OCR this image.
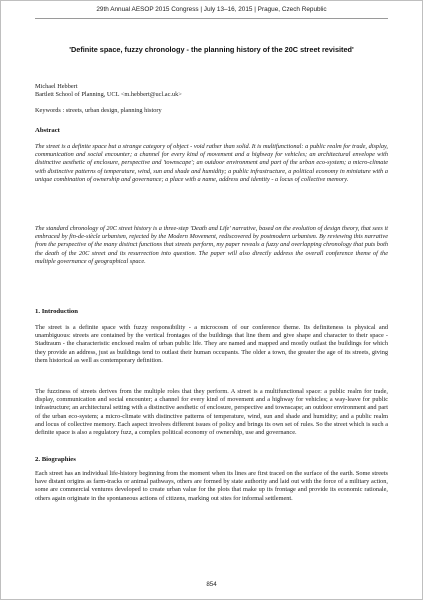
29th Annual AESOP 2015 Congress | July 13–16, 2015 | Prague, Czech Republic
'Definite space, fuzzy chronology - the planning history of the 20C street revisited'
Michael Hebbert
Bartlett School of Planning, UCL <m.hebbert@ucl.ac.uk>
Keywords : streets, urban design, planning history
Abstract
The street is a definite space but a strange category of object - void rather than solid. It is multifunctional: a public realm for trade, display, communication and social encounter; a channel for every kind of movement and a highway for vehicles; an architectural envelope with distinctive aesthetic of enclosure, perspective and 'townscape'; an outdoor environment and part of the urban eco-system; a micro-climate with distinctive patterns of temperature, wind, sun and shade and humidity; a public infrastructure, a political economy in miniature with a unique combination of ownership and governance; a place with a name, address and identity - a locus of collective memory.
The standard chronology of 20C street history is a three-step 'Death and Life' narrative, based on the evolution of design theory, that sees it embraced by fin-de-siècle urbanism, rejected by the Modern Movement, rediscovered by postmodern urbanism. By reviewing this narrative from the perspective of the many distinct functions that streets perform, my paper reveals a fuzzy and overlapping chronology that puts both the death of the 20C street and its resurrection into question. The paper will also directly address the overall conference theme of the multiple governance of geographical space.
1. Introduction
The street is a definite space with fuzzy responsibility - a microcosm of our conference theme. Its definiteness is physical and unambiguous: streets are contained by the vertical frontages of the buildings that line them and give shape and character to their space - Stadtraum - the characteristic enclosed realm of urban public life. They are named and mapped and mostly outlast the buildings for which they provide an address, just as buildings tend to outlast their human occupants. The older a town, the greater the age of its streets, giving them historical as well as contemporary definition.
The fuzziness of streets derives from the multiple roles that they perform. A street is a multifunctional space: a public realm for trade, display, communication and social encounter; a channel for every kind of movement and a highway for vehicles; a way-leave for public infrastructure; an architectural setting with a distinctive aesthetic of enclosure, perspective and townscape; an outdoor environment and part of the urban eco-system; a micro-climate with distinctive patterns of temperature, wind, sun and shade and humidity; and a public realm and locus of collective memory. Each aspect involves different issues of policy and brings its own set of rules. So the street which is such a definite space is also a regulatory fuzz, a complex political economy of ownership, use and governance.
2. Biographies
Each street has an individual life-history beginning from the moment when its lines are first traced on the surface of the earth. Some streets have distant origins as farm-tracks or animal pathways, others are formed by state authority and laid out with the force of a military action, some are commercial ventures developed to create urban value for the plots that make up its frontage and provide its economic rationale, others again originate in the spontaneous actions of citizens, marking out sites for informal settlement.
854
